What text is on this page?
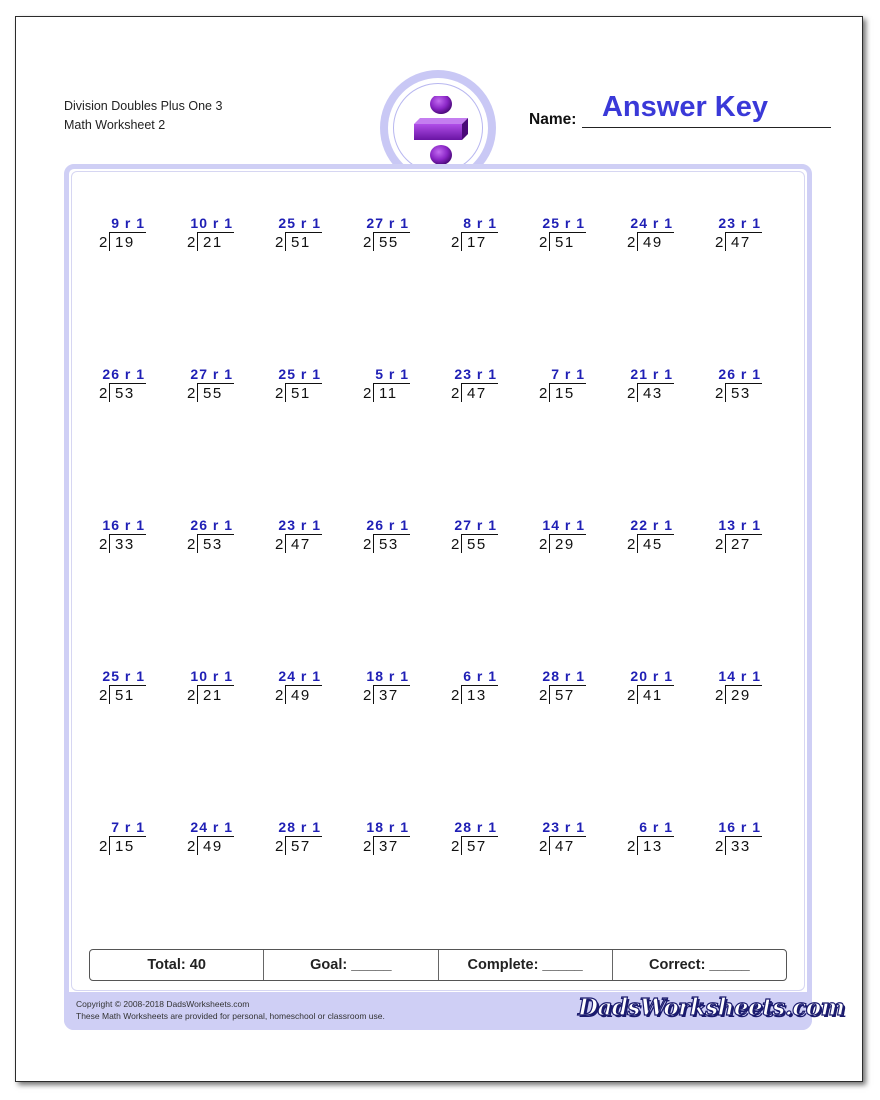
Division Doubles Plus One 3
Math Worksheet 2	Name: Answer Key
9 r 1
2 19
10 r 1
2 21
25 r 1
2 51
27 r 1
2 55
8 r 1
2 17
25 r 1
2 51
24 r 1
2 49
23 r 1
2 47
26 r 1
2 53
27 r 1
2 55
25 r 1
2 51
5 r 1
2 11
23 r 1
2 47
7 r 1
2 15
21 r 1
2 43
26 r 1
2 53
16 r 1
2 33
26 r 1
2 53
23 r 1
2 47
26 r 1
2 53
27 r 1
2 55
14 r 1
2 29
22 r 1
2 45
13 r 1
2 27
25 r 1
2 51
10 r 1
2 21
24 r 1
2 49
18 r 1
2 37
6 r 1
2 13
28 r 1
2 57
20 r 1
2 41
14 r 1
2 29
7 r 1
2 15
24 r 1
2 49
28 r 1
2 57
18 r 1
2 37
28 r 1
2 57
23 r 1
2 47
6 r 1
2 13
16 r 1
2 33
Total: 40	Goal: _____	Complete: _____	Correct: _____
Copyright © 2008-2018 DadsWorksheets.com
These Math Worksheets are provided for personal, homeschool or classroom use.	DadsWorksheets.com
